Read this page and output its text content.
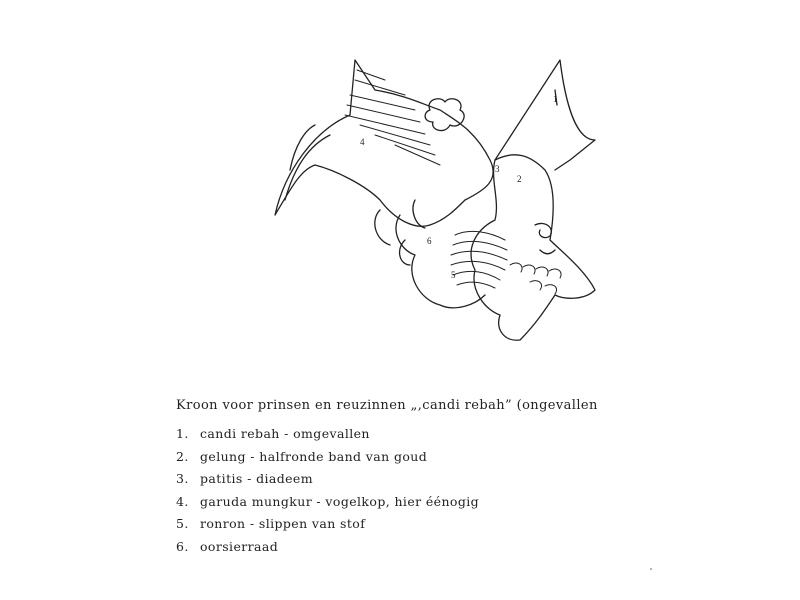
1
2
3
4
5
6
Kroon voor prinsen en reuzinnen „,candi rebah” (ongevallen
1. candi rebah - omgevallen
2. gelung - halfronde band van goud
3. patitis - diadeem
4. garuda mungkur - vogelkop, hier éénogig
5. ronron - slippen van stof
6. oorsierraad
